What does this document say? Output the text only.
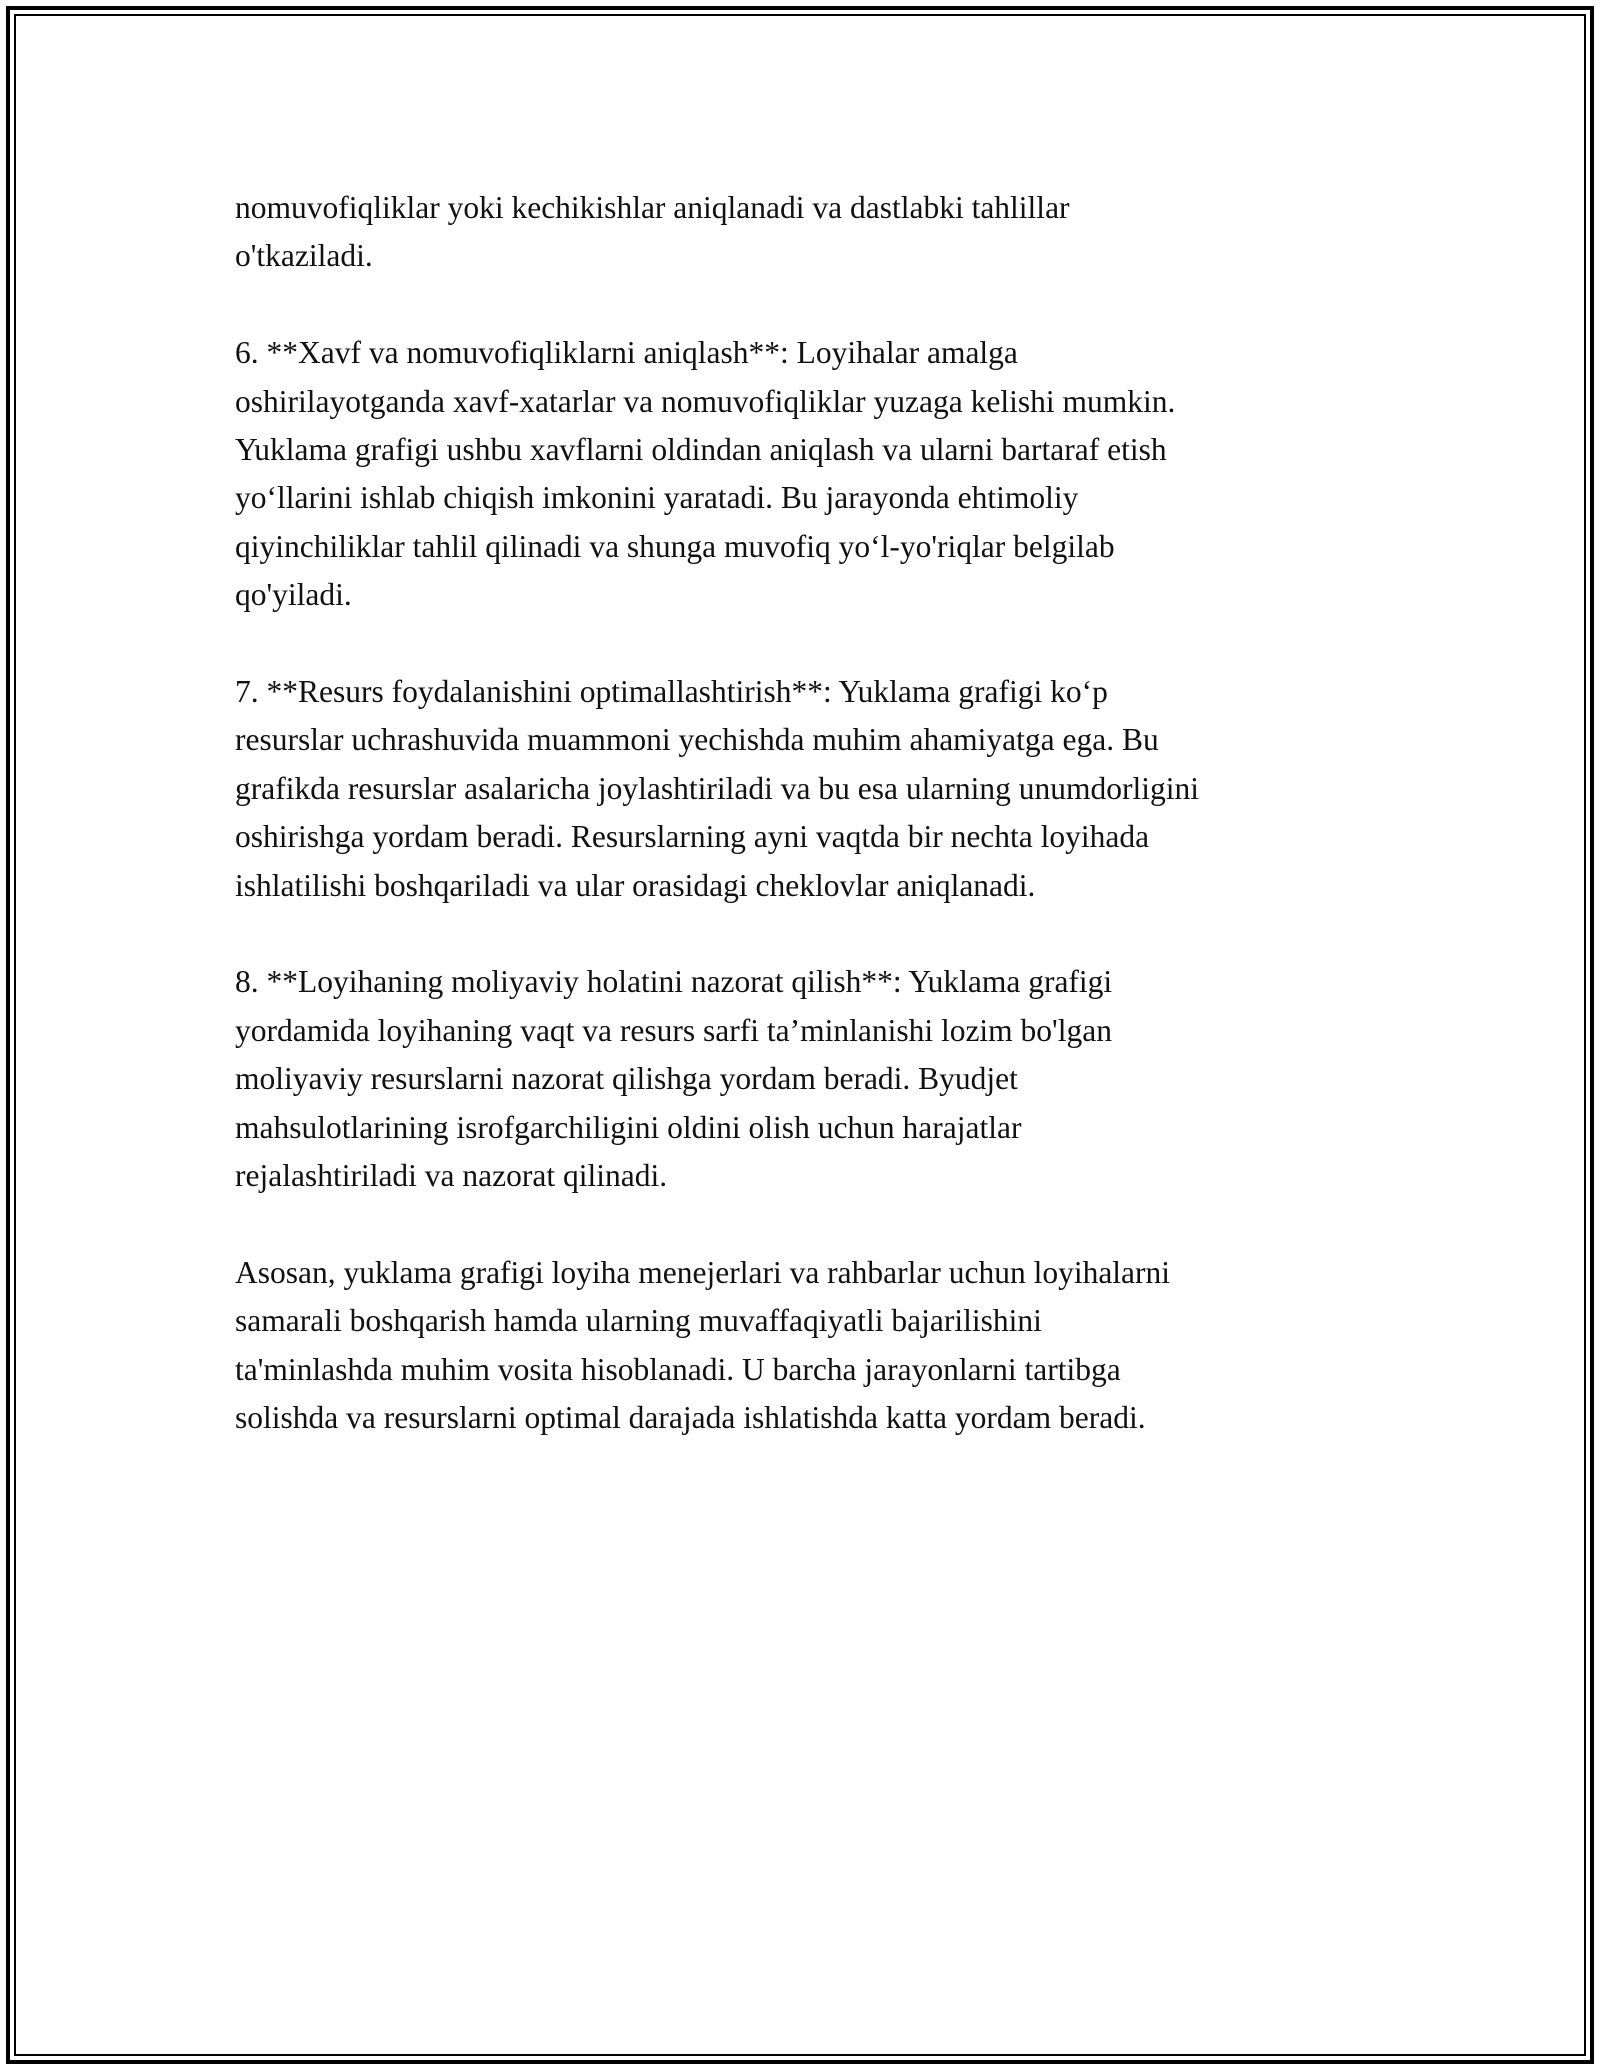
nomuvofiqliklar yoki kechikishlar aniqlanadi va dastlabki tahlillar
o'tkaziladi.

6. **Xavf va nomuvofiqliklarni aniqlash**: Loyihalar amalga
oshirilayotganda xavf-xatarlar va nomuvofiqliklar yuzaga kelishi mumkin.
Yuklama grafigi ushbu xavflarni oldindan aniqlash va ularni bartaraf etish
yo‘llarini ishlab chiqish imkonini yaratadi. Bu jarayonda ehtimoliy
qiyinchiliklar tahlil qilinadi va shunga muvofiq yo‘l-yo'riqlar belgilab
qo'yiladi.

7. **Resurs foydalanishini optimallashtirish**: Yuklama grafigi ko‘p
resurslar uchrashuvida muammoni yechishda muhim ahamiyatga ega. Bu
grafikda resurslar asalaricha joylashtiriladi va bu esa ularning unumdorligini
oshirishga yordam beradi. Resurslarning ayni vaqtda bir nechta loyihada
ishlatilishi boshqariladi va ular orasidagi cheklovlar aniqlanadi.

8. **Loyihaning moliyaviy holatini nazorat qilish**: Yuklama grafigi
yordamida loyihaning vaqt va resurs sarfi ta’minlanishi lozim bo'lgan
moliyaviy resurslarni nazorat qilishga yordam beradi. Byudjet
mahsulotlarining isrofgarchiligini oldini olish uchun harajatlar
rejalashtiriladi va nazorat qilinadi.

Asosan, yuklama grafigi loyiha menejerlari va rahbarlar uchun loyihalarni
samarali boshqarish hamda ularning muvaffaqiyatli bajarilishini
ta'minlashda muhim vosita hisoblanadi. U barcha jarayonlarni tartibga
solishda va resurslarni optimal darajada ishlatishda katta yordam beradi.
